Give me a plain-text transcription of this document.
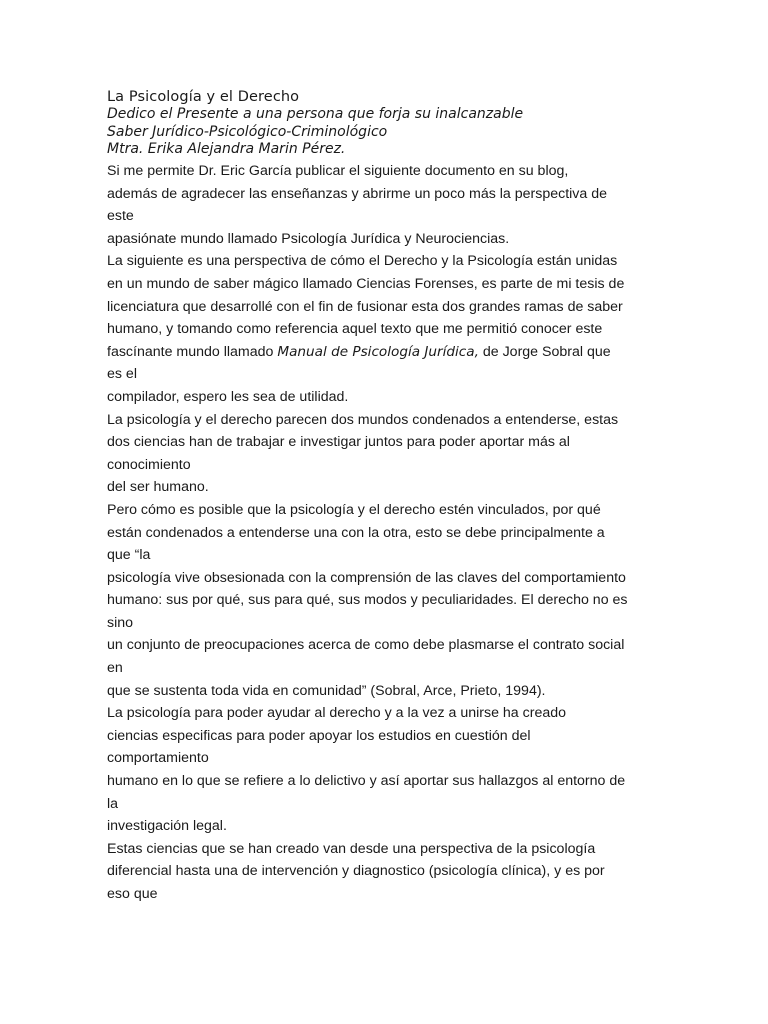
La Psicología y el Derecho
Dedico el Presente a una persona que forja su inalcanzable
Saber Jurídico-Psicológico-Criminológico
Mtra. Erika Alejandra Marin Pérez.
Si me permite Dr. Eric García publicar el siguiente documento en su blog,
además de agradecer las enseñanzas y abrirme un poco más la perspectiva de
este
apasiónate mundo llamado Psicología Jurídica y Neurociencias.
La siguiente es una perspectiva de cómo el Derecho y la Psicología están unidas
en un mundo de saber mágico llamado Ciencias Forenses, es parte de mi tesis de
licenciatura que desarrollé con el fin de fusionar esta dos grandes ramas de saber
humano, y tomando como referencia aquel texto que me permitió conocer este
fascínante mundo llamado Manual de Psicología Jurídica, de Jorge Sobral que
es el
compilador, espero les sea de utilidad.
La psicología y el derecho parecen dos mundos condenados a entenderse, estas
dos ciencias han de trabajar e investigar juntos para poder aportar más al
conocimiento
del ser humano.
Pero cómo es posible que la psicología y el derecho estén vinculados, por qué
están condenados a entenderse una con la otra, esto se debe principalmente a
que “la
psicología vive obsesionada con la comprensión de las claves del comportamiento
humano: sus por qué, sus para qué, sus modos y peculiaridades. El derecho no es
sino
un conjunto de preocupaciones acerca de como debe plasmarse el contrato social
en
que se sustenta toda vida en comunidad” (Sobral, Arce, Prieto, 1994).
La psicología para poder ayudar al derecho y a la vez a unirse ha creado
ciencias especificas para poder apoyar los estudios en cuestión del
comportamiento
humano en lo que se refiere a lo delictivo y así aportar sus hallazgos al entorno de
la
investigación legal.
Estas ciencias que se han creado van desde una perspectiva de la psicología
diferencial hasta una de intervención y diagnostico (psicología clínica), y es por
eso que
